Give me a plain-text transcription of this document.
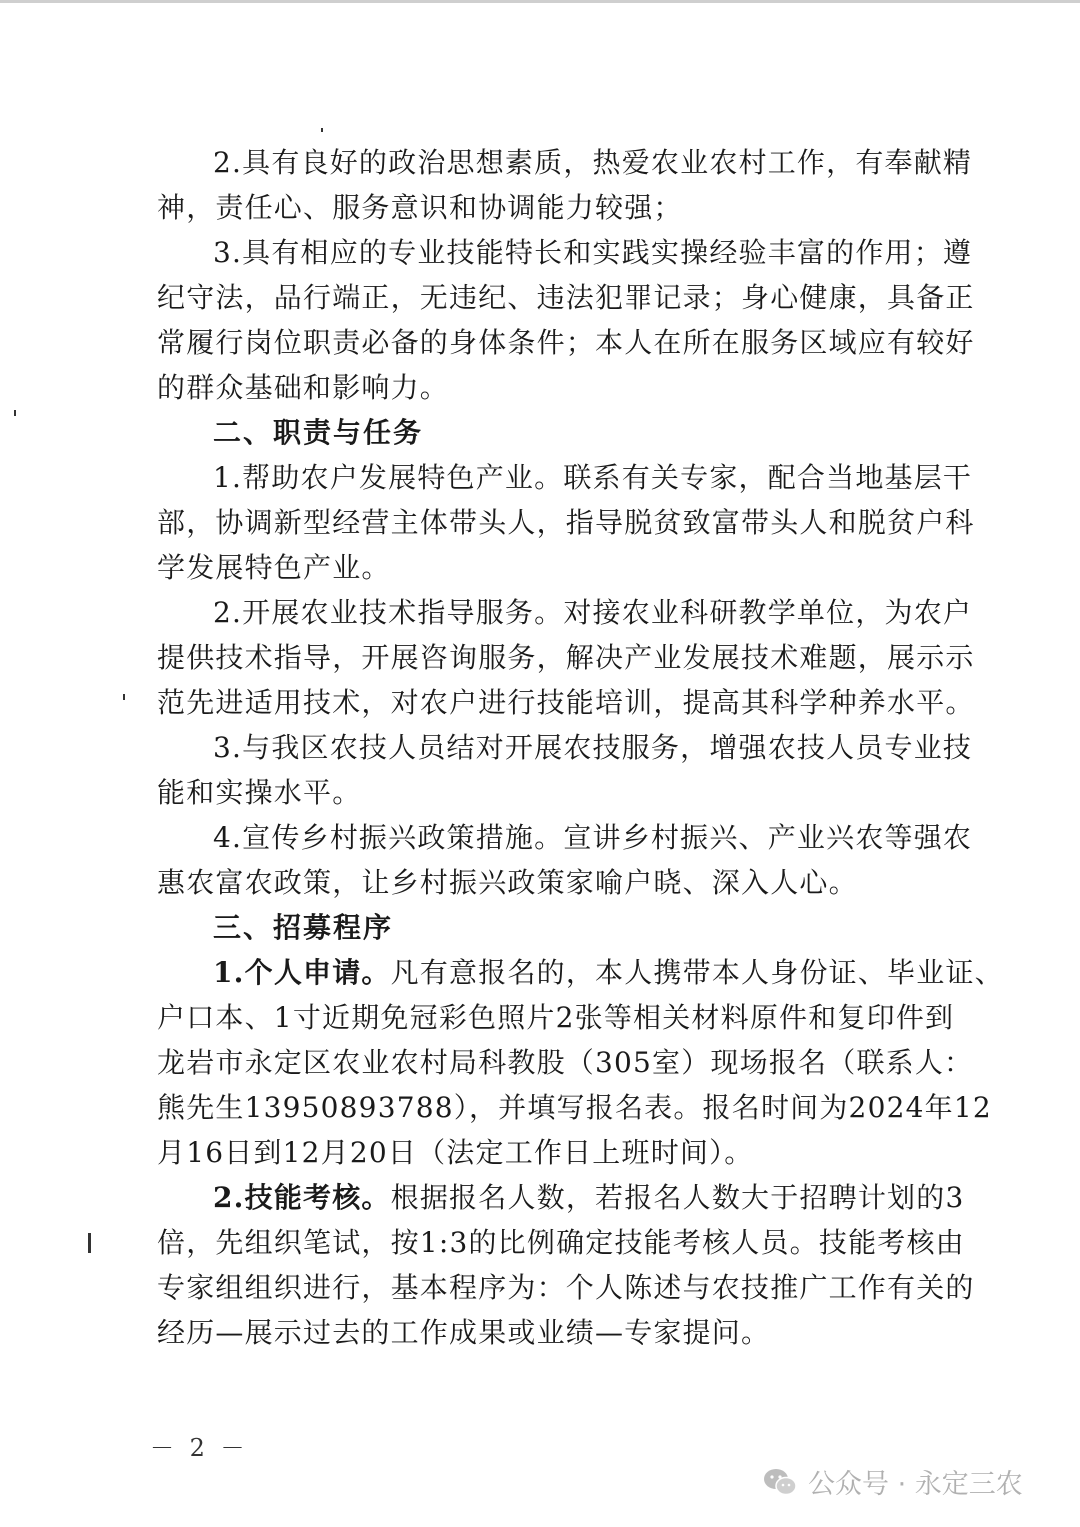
2.具有良好的政治思想素质，热爱农业农村工作，有奉献精
神，责任心、服务意识和协调能力较强；
3.具有相应的专业技能特长和实践实操经验丰富的作用；遵
纪守法，品行端正，无违纪、违法犯罪记录；身心健康，具备正
常履行岗位职责必备的身体条件；本人在所在服务区域应有较好
的群众基础和影响力。
二、职责与任务
1.帮助农户发展特色产业。联系有关专家，配合当地基层干
部，协调新型经营主体带头人，指导脱贫致富带头人和脱贫户科
学发展特色产业。
2.开展农业技术指导服务。对接农业科研教学单位，为农户
提供技术指导，开展咨询服务，解决产业发展技术难题，展示示
范先进适用技术，对农户进行技能培训，提高其科学种养水平。
3.与我区农技人员结对开展农技服务，增强农技人员专业技
能和实操水平。
4.宣传乡村振兴政策措施。宣讲乡村振兴、产业兴农等强农
惠农富农政策，让乡村振兴政策家喻户晓、深入人心。
三、招募程序
1.个人申请。凡有意报名的，本人携带本人身份证、毕业证、
户口本、1寸近期免冠彩色照片2张等相关材料原件和复印件到
龙岩市永定区农业农村局科教股（305室）现场报名（联系人：
熊先生13950893788），并填写报名表。报名时间为2024年12
月16日到12月20日（法定工作日上班时间）。
2.技能考核。根据报名人数，若报名人数大于招聘计划的3
倍，先组织笔试，按1:3的比例确定技能考核人员。技能考核由
专家组组织进行，基本程序为：个人陈述与农技推广工作有关的
经历—展示过去的工作成果或业绩—专家提问。
－ 2 －
公众号 · 永定三农
